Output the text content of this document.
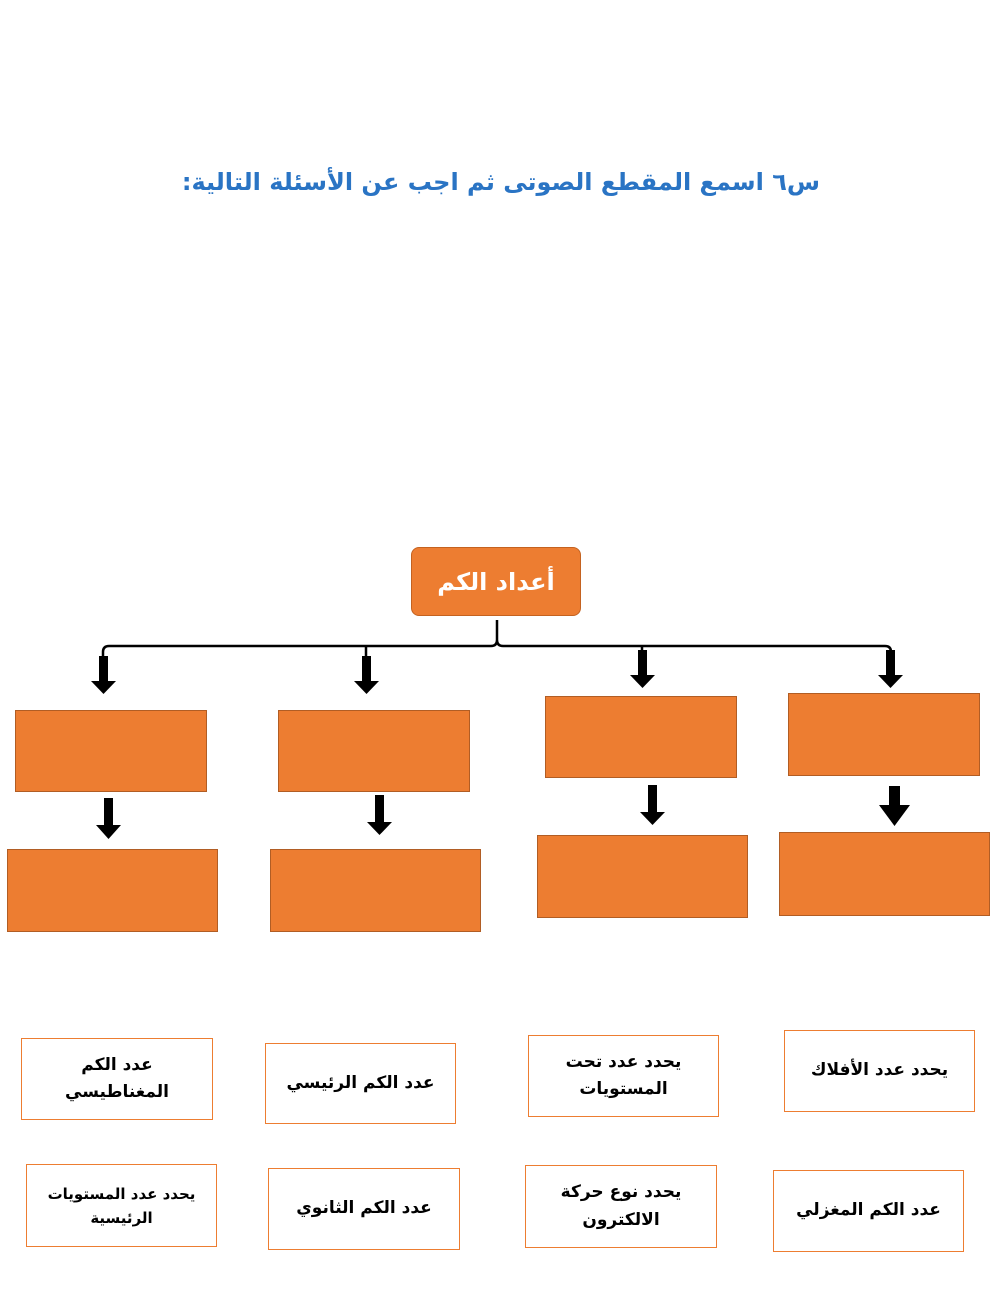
س٦ اسمع المقطع الصوتى ثم اجب عن الأسئلة التالية:
أعداد الكم
عدد الكم المغناطيسي	عدد الكم الرئيسي
يحدد عدد تحت المستويات
يحدد عدد الأفلاك
يحدد عدد المستويات الرئيسية	عدد الكم الثانوي
يحدد نوع حركة الالكترون	عدد الكم المغزلي
